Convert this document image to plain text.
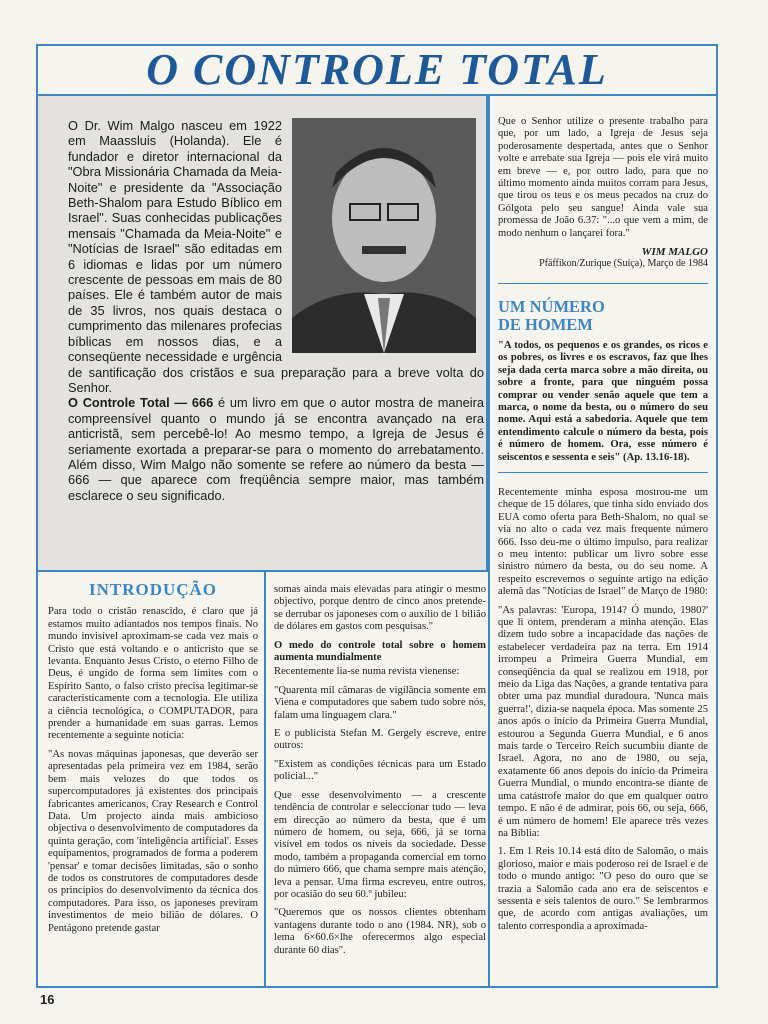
O CONTROLE TOTAL

O Dr. Wim Malgo nasceu em 1922 em Maassluis (Holanda). Ele é fundador e diretor internacional da "Obra Missionária Chamada da Meia-Noite" e presidente da "Associação Beth-Shalom para Estudo Bíblico em Israel". Suas conhecidas publicações mensais "Chamada da Meia-Noite" e "Notícias de Israel" são editadas em 6 idiomas e lidas por um número crescente de pessoas em mais de 80 países. Ele é também autor de mais de 35 livros, nos quais destaca o cumprimento das milenares profecias bíblicas em nossos dias, e a conseqüente necessidade e urgência de santificação dos cristãos e sua preparação para a breve volta do Senhor.

O Controle Total — 666 é um livro em que o autor mostra de maneira compreensível quanto o mundo já se encontra avançado na era anticristã, sem percebê-lo! Ao mesmo tempo, a Igreja de Jesus é seriamente exortada a preparar-se para o momento do arrebatamento. Além disso, Wim Malgo não somente se refere ao número da besta — 666 — que aparece com freqüência sempre maior, mas também esclarece o seu significado.

Que o Senhor utilize o presente trabalho para que, por um lado, a Igreja de Jesus seja poderosamente despertada, antes que o Senhor volte e arrebate sua Igreja — pois ele virá muito em breve — e, por outro lado, para que no último momento ainda muitos corram para Jesus, que tirou os teus e os meus pecados na cruz do Gólgota pelo seu sangue! Ainda vale sua promessa de João 6.37: "...o que vem a mim, de modo nenhum o lançarei fora."

WIM MALGO
Pfäffikon/Zurique (Suíça), Março de 1984
UM NÚMERO
DE HOMEM

"A todos, os pequenos e os grandes, os ricos e os pobres, os livres e os escravos, faz que lhes seja dada certa marca sobre a mão direita, ou sobre a fronte, para que ninguém possa comprar ou vender senão aquele que tem a marca, o nome da besta, ou o número do seu nome. Aqui está a sabedoria. Aquele que tem entendimento calcule o número da besta, pois é número de homem. Ora, esse número é seiscentos e sessenta e seis" (Ap. 13.16-18).

Recentemente minha esposa mostrou-me um cheque de 15 dólares, que tinha sido enviado dos EUA como oferta para Beth-Shalom, no qual se via no alto o cada vez mais frequente número 666. Isso deu-me o último impulso, para realizar o meu intento: publicar um livro sobre esse sinistro número da besta, ou do seu nome. A respeito escrevemos o seguinte artigo na edição alemã das "Notícias de Israel" de Março de 1980:

"As palavras: 'Europa, 1914? Ó mundo, 1980?' que li ontem, prenderam a minha atenção. Elas dizem tudo sobre a incapacidade das nações de estabelecer verdadeira paz na terra. Em 1914 irrompeu a Primeira Guerra Mundial, em conseqüência da qual se realizou em 1918, por meio da Liga das Nações, a grande tentativa para obter uma paz mundial duradoura. 'Nunca mais guerra!', dizia-se naquela época. Mas somente 25 anos após o início da Primeira Guerra Mundial, estourou a Segunda Guerra Mundial, e 6 anos mais tarde o Terceiro Reich sucumbiu diante de Israel. Agora, no ano de 1980, ou seja, exatamente 66 anos depois do início da Primeira Guerra Mundial, o mundo encontra-se diante de uma catástrofe maior do que em qualquer outro tempo. E não é de admirar, pois 66, ou seja, 666, é um número de homem! Ele aparece três vezes na Bíblia:

1. Em 1 Reis 10.14 está dito de Salomão, o mais glorioso, maior e mais poderoso rei de Israel e de todo o mundo antigo: "O peso do ouro que se trazia a Salomão cada ano era de seiscentos e sessenta e seis talentos de ouro." Se lembrarmos que, de acordo com antigas avaliações, um talento correspondia a aproximada-

INTRODUÇÃO

Para todo o cristão renascido, é claro que já estamos muito adiantados nos tempos finais. No mundo invisível aproximam-se cada vez mais o Cristo que está voltando e o anticristo que se levanta. Enquanto Jesus Cristo, o eterno Filho de Deus, é ungido de forma sem limites com o Espírito Santo, o falso cristo precisa legitimar-se caracteristicamente com a tecnologia. Ele utiliza a ciência tecnológica, o COMPUTADOR, para prender a humanidade em suas garras. Lemos recentemente a seguinte notícia:

"As novas máquinas japonesas, que deverão ser apresentadas pela primeira vez em 1984, serão bem mais velozes do que todos os supercomputadores já existentes dos principais fabricantes americanos, Cray Research e Control Data. Um projecto ainda mais ambicioso objectiva o desenvolvimento de computadores da quinta geração, com 'inteligência artificial'. Esses equipamentos, programados de forma a poderem 'pensar' e tomar decisões limitadas, são o sonho de todos os construtores de computadores desde os princípios do desenvolvimento da técnica dos computadores. Para isso, os japoneses previram investimentos de meio bilião de dólares. O Pentágono pretende gastar

somas ainda mais elevadas para atingir o mesmo objectivo, porque dentro de cinco anos pretende-se derrubar os japoneses com o auxílio de 1 bilião de dólares em gastos com pesquisas."

O medo do controle total sobre o homem aumenta mundialmente

Recentemente lia-se numa revista vienense:

"Quarenta mil câmaras de vigilância somente em Viena e computadores que sabem tudo sobre nós, falam uma linguagem clara."

E o publicista Stefan M. Gergely escreve, entre outros:

"Existem as condições técnicas para um Estado policial..."

Que esse desenvolvimento — a crescente tendência de controlar e seleccionar tudo — leva em direcção ao número da besta, que é um número de homem, ou seja, 666, já se torna visível em todos os níveis da sociedade. Desse modo, também a propaganda comercial em torno do número 666, que chama sempre mais atenção, leva a pensar. Uma firma escreveu, entre outros, por ocasião do seu 60.º jubileu:

"Queremos que os nossos clientes obtenham vantagens durante todo o ano (1984. NR), sob o lema 6×60.6×lhe oferecermos algo especial durante 60 dias".

16
